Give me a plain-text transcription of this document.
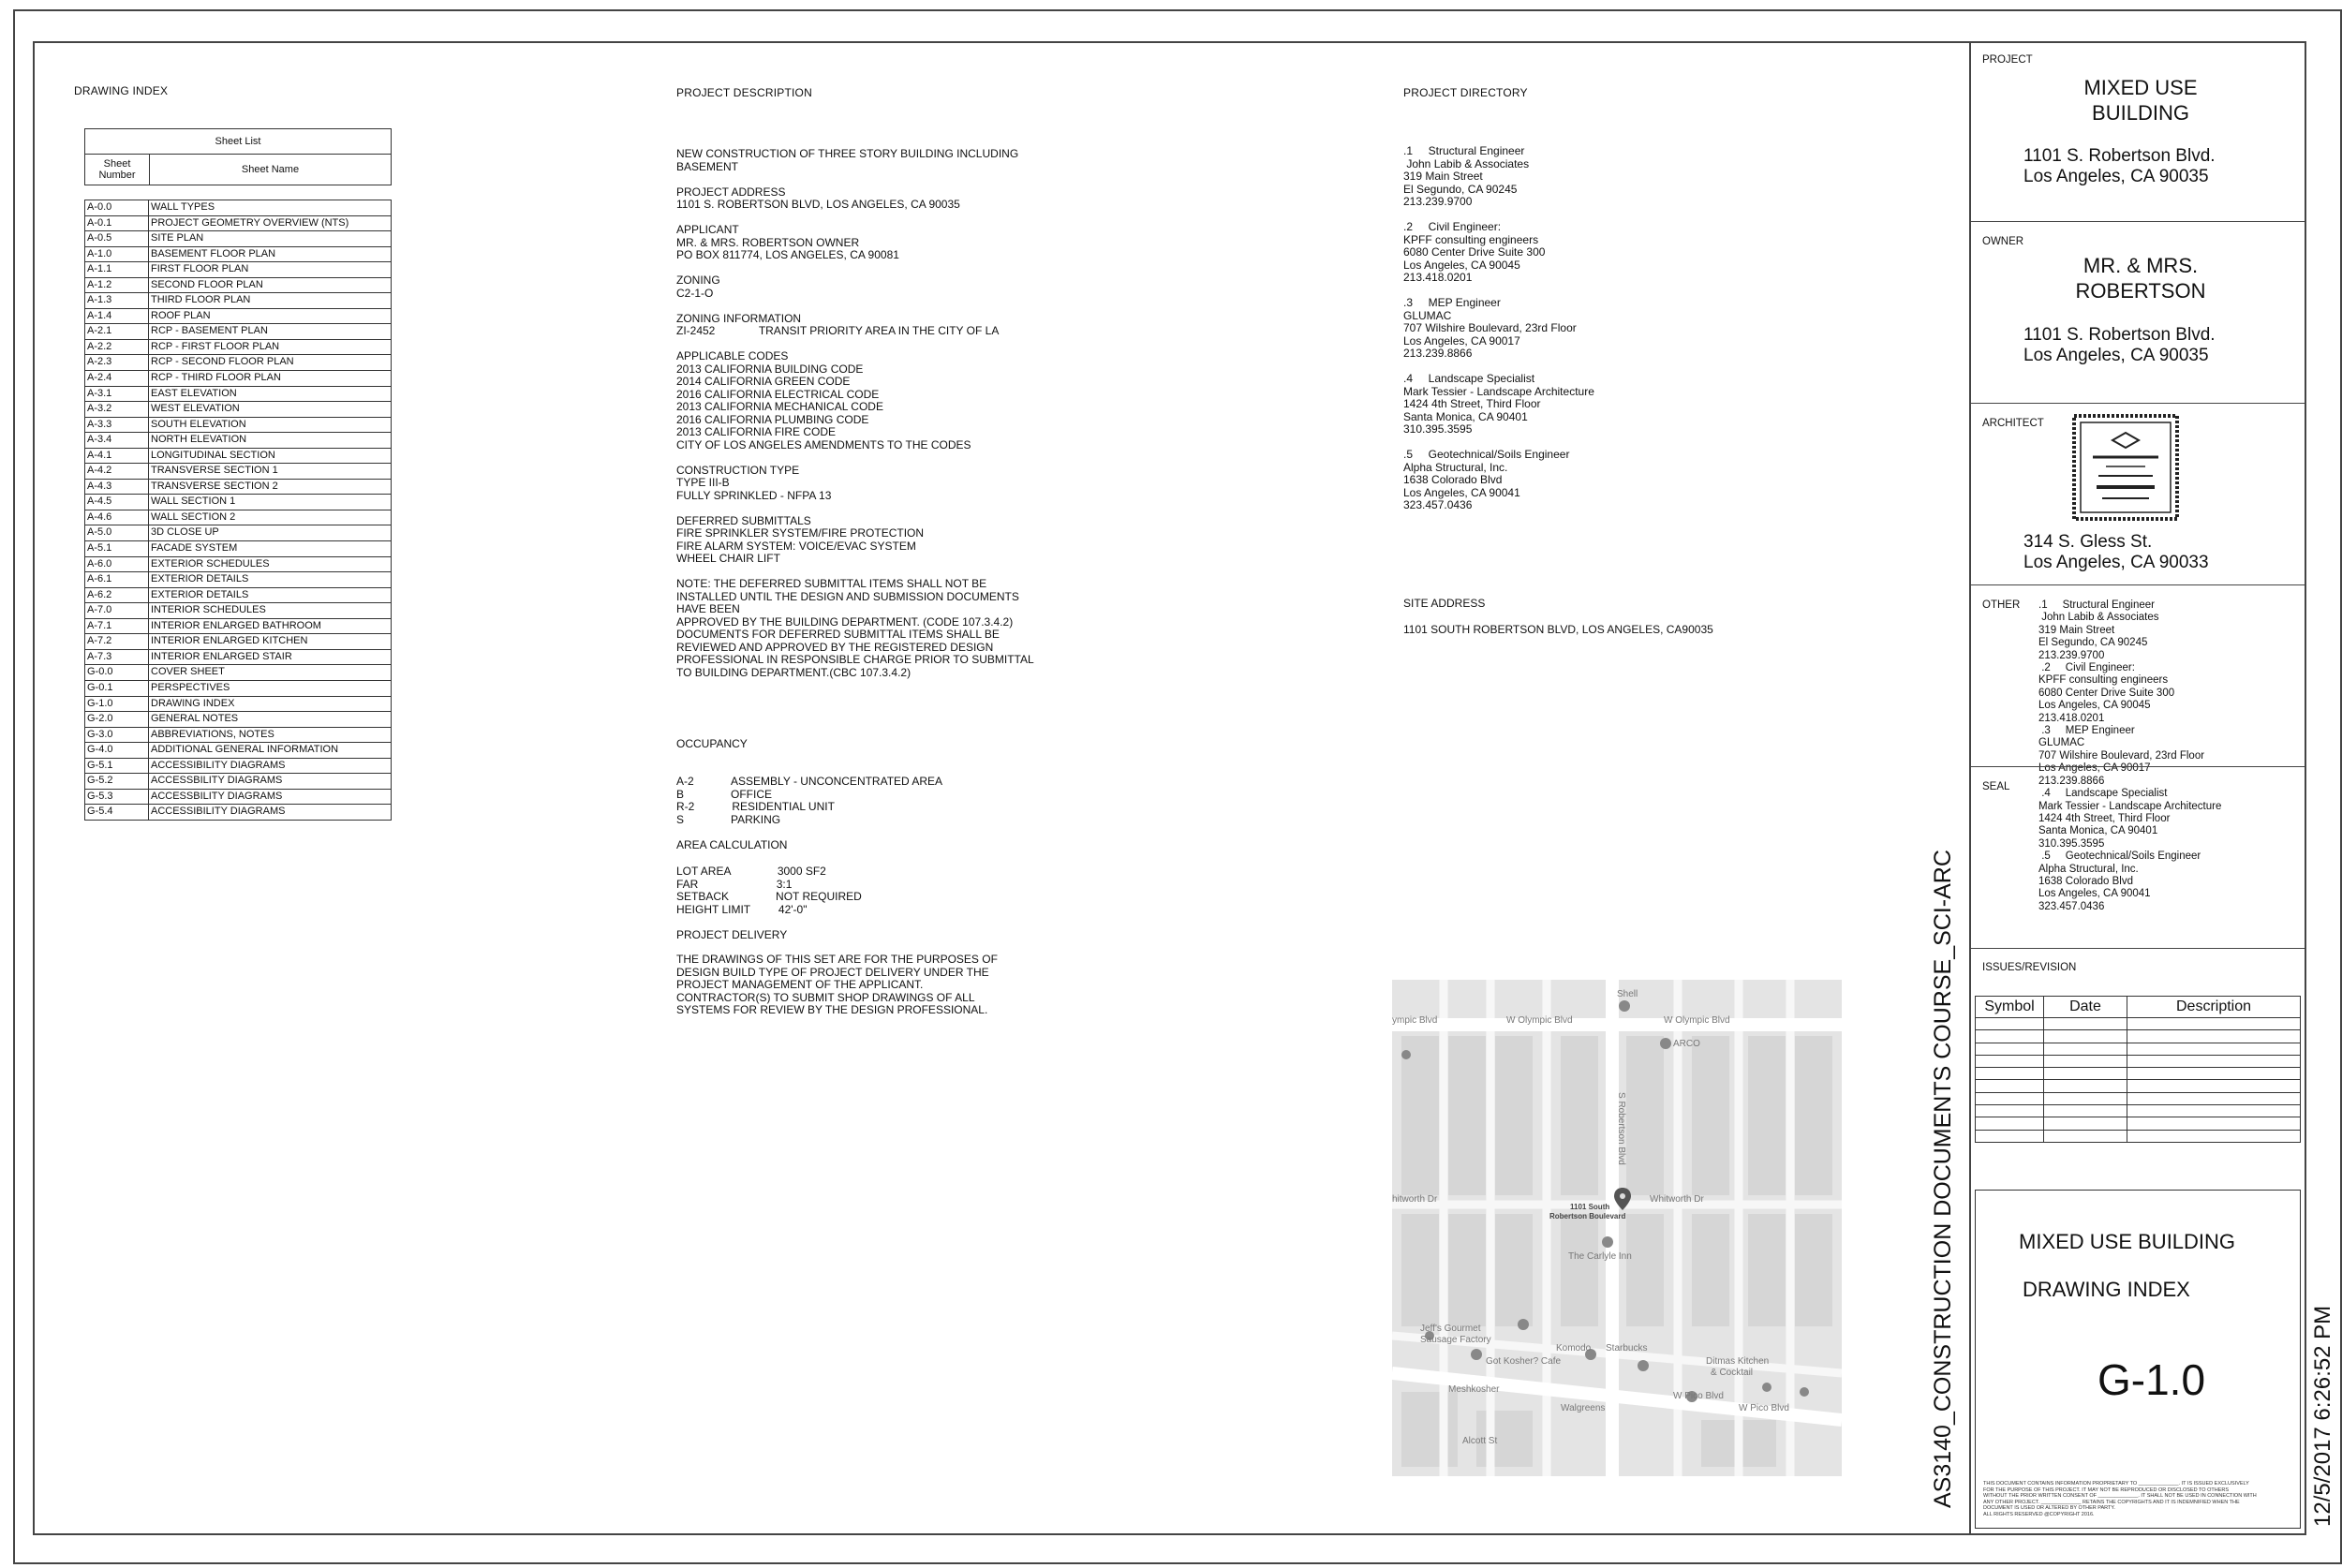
DRAWING INDEX
Sheet List
Sheet
Number	Sheet Name
A-0.0	WALL TYPES
A-0.1	PROJECT GEOMETRY OVERVIEW (NTS)
A-0.5	SITE PLAN
A-1.0	BASEMENT FLOOR PLAN
A-1.1	FIRST FLOOR PLAN
A-1.2	SECOND FLOOR PLAN
A-1.3	THIRD FLOOR PLAN
A-1.4	ROOF PLAN
A-2.1	RCP - BASEMENT PLAN
A-2.2	RCP - FIRST FLOOR PLAN
A-2.3	RCP - SECOND FLOOR PLAN
A-2.4	RCP - THIRD FLOOR PLAN
A-3.1	EAST ELEVATION
A-3.2	WEST ELEVATION
A-3.3	SOUTH ELEVATION
A-3.4	NORTH ELEVATION
A-4.1	LONGITUDINAL SECTION
A-4.2	TRANSVERSE SECTION 1
A-4.3	TRANSVERSE SECTION 2
A-4.5	WALL SECTION 1
A-4.6	WALL SECTION 2
A-5.0	3D CLOSE UP
A-5.1	FACADE SYSTEM
A-6.0	EXTERIOR SCHEDULES
A-6.1	EXTERIOR DETAILS
A-6.2	EXTERIOR DETAILS
A-7.0	INTERIOR SCHEDULES
A-7.1	INTERIOR ENLARGED BATHROOM
A-7.2	INTERIOR ENLARGED KITCHEN
A-7.3	INTERIOR ENLARGED STAIR
G-0.0	COVER SHEET
G-0.1	PERSPECTIVES
G-1.0	DRAWING INDEX
G-2.0	GENERAL NOTES
G-3.0	ABBREVIATIONS, NOTES
G-4.0	ADDITIONAL GENERAL INFORMATION
G-5.1	ACCESSIBILITY DIAGRAMS
G-5.2	ACCESSBILITY DIAGRAMS
G-5.3	ACCESSBILITY DIAGRAMS
G-5.4	ACCESSIBILITY DIAGRAMS
PROJECT DESCRIPTION
NEW CONSTRUCTION OF THREE STORY BUILDING INCLUDING
BASEMENT

PROJECT ADDRESS
1101 S. ROBERTSON BLVD, LOS ANGELES, CA 90035

APPLICANT
MR. & MRS. ROBERTSON OWNER
PO BOX 811774, LOS ANGELES, CA 90081

ZONING
C2-1-O

ZONING INFORMATION
ZI-2452              TRANSIT PRIORITY AREA IN THE CITY OF LA

APPLICABLE CODES
2013 CALIFORNIA BUILDING CODE
2014 CALIFORNIA GREEN CODE
2016 CALIFORNIA ELECTRICAL CODE
2013 CALIFORNIA MECHANICAL CODE
2016 CALIFORNIA PLUMBING CODE
2013 CALIFORNIA FIRE CODE
CITY OF LOS ANGELES AMENDMENTS TO THE CODES

CONSTRUCTION TYPE
TYPE III-B
FULLY SPRINKLED - NFPA 13

DEFERRED SUBMITTALS
FIRE SPRINKLER SYSTEM/FIRE PROTECTION
FIRE ALARM SYSTEM: VOICE/EVAC SYSTEM
WHEEL CHAIR LIFT

NOTE: THE DEFERRED SUBMITTAL ITEMS SHALL NOT BE
INSTALLED UNTIL THE DESIGN AND SUBMISSION DOCUMENTS
HAVE BEEN
APPROVED BY THE BUILDING DEPARTMENT. (CODE 107.3.4.2)
DOCUMENTS FOR DEFERRED SUBMITTAL ITEMS SHALL BE
REVIEWED AND APPROVED BY THE REGISTERED DESIGN
PROFESSIONAL IN RESPONSIBLE CHARGE PRIOR TO SUBMITTAL
TO BUILDING DEPARTMENT.(CBC 107.3.4.2)
OCCUPANCY
A-2            ASSEMBLY - UNCONCENTRATED AREA
B               OFFICE
R-2            RESIDENTIAL UNIT
S               PARKING
AREA CALCULATION
LOT AREA               3000 SF2
FAR                         3:1
SETBACK               NOT REQUIRED
HEIGHT LIMIT         42'-0"
PROJECT DELIVERY
THE DRAWINGS OF THIS SET ARE FOR THE PURPOSES OF
DESIGN BUILD TYPE OF PROJECT DELIVERY UNDER THE
PROJECT MANAGEMENT OF THE APPLICANT.
CONTRACTOR(S) TO SUBMIT SHOP DRAWINGS OF ALL
SYSTEMS FOR REVIEW BY THE DESIGN PROFESSIONAL.
PROJECT DIRECTORY
.1     Structural Engineer
John Labib & Associates
319 Main Street
El Segundo, CA 90245
213.239.9700

.2     Civil Engineer:
KPFF consulting engineers
6080 Center Drive Suite 300
Los Angeles, CA 90045
213.418.0201

.3     MEP Engineer
GLUMAC
707 Wilshire Boulevard, 23rd Floor
Los Angeles, CA 90017
213.239.8866

.4     Landscape Specialist
Mark Tessier - Landscape Architecture
1424 4th Street, Third Floor
Santa Monica, CA 90401
310.395.3595

.5     Geotechnical/Soils Engineer
Alpha Structural, Inc.
1638 Colorado Blvd
Los Angeles, CA 90041
323.457.0436
SITE ADDRESS
1101 SOUTH ROBERTSON BLVD, LOS ANGELES, CA90035
Shell
ympic Blvd	W Olympic Blvd	W Olympic Blvd
ARCO
S Robertson Blvd
1101 South
Robertson Boulevard
The Carlyle Inn
hitworth Dr	Whitworth Dr
Jeff's Gourmet
Sausage Factory
Got Kosher? Cafe
Komodo Starbucks
Ditmas Kitchen
& Cocktail
Meshkosher
Walgreens
W Pico Blvd
W Pico Blvd
Alcott St	AS3140_CONSTRUCTION DOCUMENTS COURSE_SCI-ARC	12/5/2017 6:26:52 PM
PROJECT
MIXED USE
BUILDING
1101 S. Robertson Blvd.
Los Angeles, CA 90035
OWNER
MR. & MRS.
ROBERTSON
1101 S. Robertson Blvd.
Los Angeles, CA 90035
ARCHITECT
314 S. Gless St.
Los Angeles, CA 90033
OTHER .1     Structural Engineer
John Labib & Associates
319 Main Street
El Segundo, CA 90245
213.239.9700
.2     Civil Engineer:
KPFF consulting engineers
6080 Center Drive Suite 300
Los Angeles, CA 90045
213.418.0201
.3     MEP Engineer
GLUMAC
707 Wilshire Boulevard, 23rd Floor
Los Angeles, CA 90017
213.239.8866
.4     Landscape Specialist
Mark Tessier - Landscape Architecture
1424 4th Street, Third Floor
Santa Monica, CA 90401
310.395.3595
.5     Geotechnical/Soils Engineer
Alpha Structural, Inc.
1638 Colorado Blvd
Los Angeles, CA 90041
323.457.0436
SEAL
ISSUES/REVISION
Symbol	Date	Description

MIXED USE BUILDING
DRAWING INDEX
G-1.0
THIS DOCUMENT CONTAINS INFORMATION PROPRIETARY TO ______________. IT IS ISSUED EXCLUSIVELY
FOR THE PURPOSE OF THIS PROJECT. IT MAY NOT BE REPRODUCED OR DISCLOSED TO OTHERS
WITHOUT THE PRIOR WRITTEN CONSENT OF ______________. IT SHALL NOT BE USED IN CONNECTION WITH
ANY OTHER PROJECT. ______________ RETAINS THE COPYRIGHTS AND IT IS INDEMNIFIED WHEN THE
DOCUMENT IS USED OR ALTERED BY OTHER PARTY.
ALL RIGHTS RESERVED @COPYRIGHT 2016.
